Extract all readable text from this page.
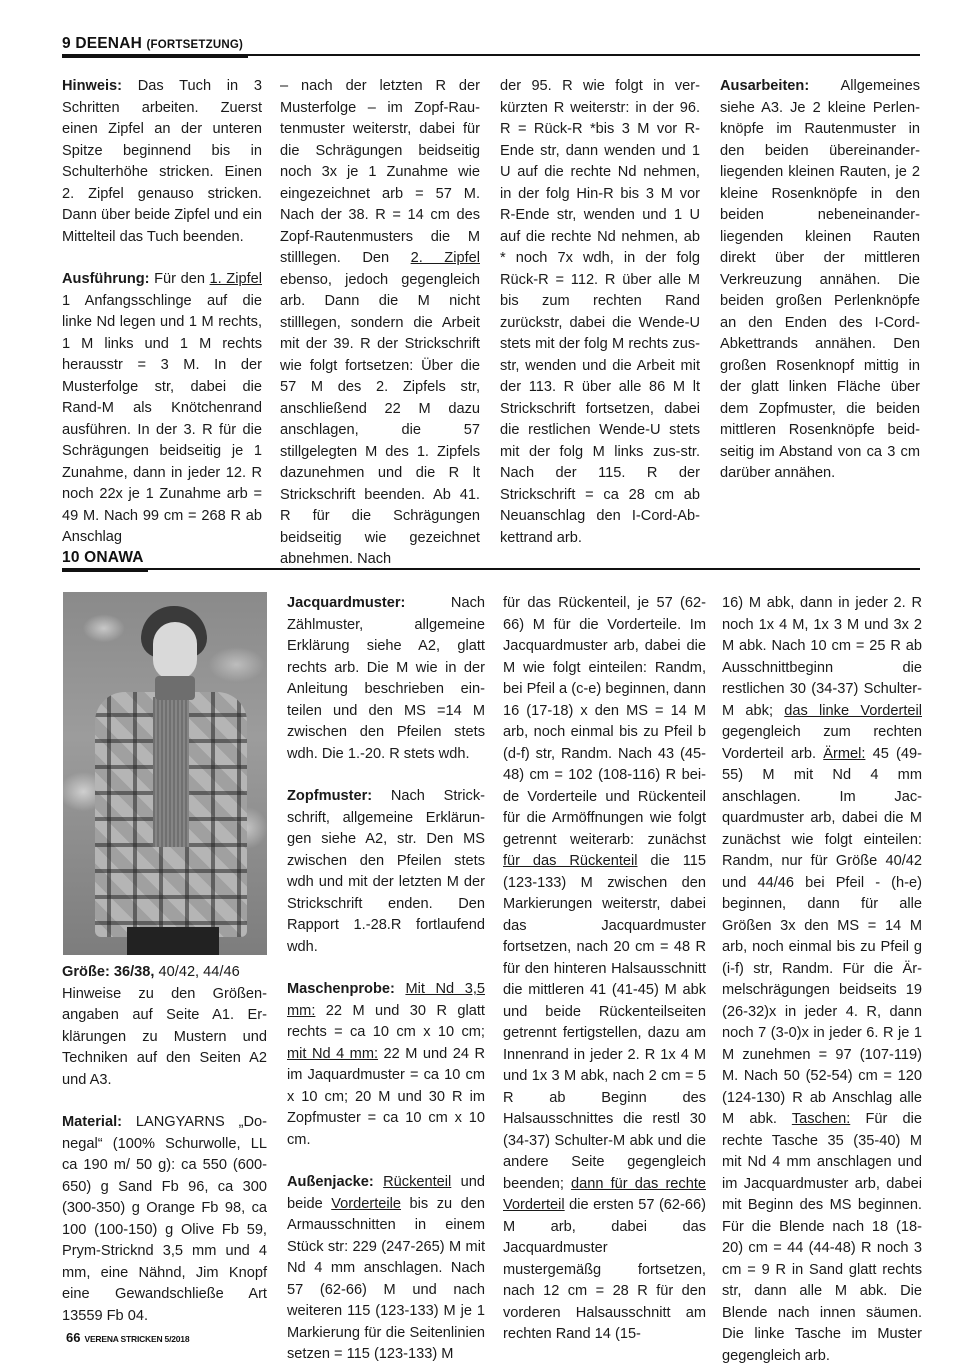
9 DEENAH (FORTSETZUNG)

Hinweis: Das Tuch in 3 Schritten arbeiten. Zuerst einen Zipfel an der unteren Spitze beginnend bis in Schulterhöhe stricken. Einen 2. Zipfel genauso stricken. Dann über beide Zipfel und ein Mittelteil das Tuch beenden.

Ausführung: Für den 1. Zipfel 1 Anfangsschlinge auf die linke Nd legen und 1 M rechts, 1 M links und 1 M rechts herausstr = 3 M. In der Musterfolge str, dabei die Rand-M als Knötchenrand ausführen. In der 3. R für die Schrägungen beidseitig je 1 Zunahme, dann in jeder 12. R noch 22x je 1 Zunahme arb = 49 M. Nach 99 cm = 268 R ab Anschlag

– nach der letzten R der Musterfolge – im Zopf-Rautenmuster weiterstr, dabei für die Schrägungen beidseitig noch 3x je 1 Zunahme wie eingezeichnet arb = 57 M. Nach der 38. R = 14 cm des Zopf-Rautenmusters die M stilllegen. Den 2. Zipfel ebenso, jedoch gegengleich arb. Dann die M nicht stilllegen, sondern die Arbeit mit der 39. R der Strickschrift wie folgt fortsetzen: Über die 57 M des 2. Zipfels str, anschließend 22 M dazu anschlagen, die 57 stillgelegten M des 1. Zipfels dazunehmen und die R lt Strickschrift beenden. Ab 41. R für die Schrägungen beidseitig wie gezeichnet abnehmen. Nach

der 95. R wie folgt in verkürzten R weiterstr: in der 96. R = Rück-R *bis 3 M vor R-Ende str, dann wenden und 1 U auf die rechte Nd nehmen, in der folg Hin-R bis 3 M vor R-Ende str, wenden und 1 U auf die rechte Nd nehmen, ab * noch 7x wdh, in der folg Rück-R = 112. R über alle M bis zum rechten Rand zurückstr, dabei die Wende-U stets mit der folg M rechts zus-str, wenden und die Arbeit mit der 113. R über alle 86 M lt Strickschrift fortsetzen, dabei die restlichen Wende-U stets mit der folg M links zus-str. Nach der 115. R der Strickschrift = ca 28 cm ab Neuanschlag den I-Cord-Abkettrand arb.

Ausarbeiten: Allgemeines siehe A3. Je 2 kleine Perlenknöpfe im Rautenmuster in den beiden übereinanderliegenden kleinen Rauten, je 2 kleine Rosenknöpfe in den beiden nebeneinanderliegenden kleinen Rauten direkt über der mittleren Verkreuzung annähen. Die beiden großen Perlenknöpfe an den Enden des I-Cord-Abkettrands annähen. Den großen Rosenknopf mittig in der glatt linken Fläche über dem Zopfmuster, die beiden mittleren Rosenknöpfe beidseitig im Abstand von ca 3 cm darüber annähen.

10 ONAWA

Größe: 36/38, 40/42, 44/46

Hinweise zu den Größenangaben auf Seite A1. Erklärungen zu Mustern und Techniken auf den Seiten A2 und A3.

Material: LANGYARNS „Donegal“ (100% Schurwolle, LL ca 190 m/ 50 g): ca 550 (600-650) g Sand Fb 96, ca 300 (300-350) g Orange Fb 98, ca 100 (100-150) g Olive Fb 59, Prym-Stricknd 3,5 mm und 4 mm, eine Nähnd, Jim Knopf eine Gewandschließe Art 13559 Fb 04.

Jacquardmuster: Nach Zählmuster, allgemeine Erklärung siehe A2, glatt rechts arb. Die M wie in der Anleitung beschrieben einteilen und den MS =14 M zwischen den Pfeilen stets wdh. Die 1.-20. R stets wdh.

Zopfmuster: Nach Strickschrift, allgemeine Erklärungen siehe A2, str. Den MS zwischen den Pfeilen stets wdh und mit der letzten M der Strickschrift enden. Den Rapport 1.-28.R fortlaufend wdh.

Maschenprobe: Mit Nd 3,5 mm: 22 M und 30 R glatt rechts = ca 10 cm x 10 cm; mit Nd 4 mm: 22 M und 24 R im Jaquardmuster = ca 10 cm x 10 cm; 20 M und 30 R im Zopfmuster = ca 10 cm x 10 cm.

Außenjacke: Rückenteil und beide Vorderteile bis zu den Armausschnitten in einem Stück str: 229 (247-265) M mit Nd 4 mm anschlagen. Nach 57 (62-66) M und nach weiteren 115 (123-133) M je 1 Markierung für die Seitenlinien setzen = 115 (123-133) M

für das Rückenteil, je 57 (62-66) M für die Vorderteile. Im Jacquardmuster arb, dabei die M wie folgt einteilen: Randm, bei Pfeil a (c-e) beginnen, dann 16 (17-18) x den MS = 14 M arb, noch einmal bis zu Pfeil b (d-f) str, Randm. Nach 43 (45-48) cm = 102 (108-116) R beide Vorderteile und Rückenteil für die Armöffnungen wie folgt getrennt weiterarb: zunächst für das Rückenteil die 115 (123-133) M zwischen den Markierungen weiterstr, dabei das Jacquardmuster fortsetzen, nach 20 cm = 48 R für den hinteren Halsausschnitt die mittleren 41 (41-45) M abk und beide Rückenteilseiten getrennt fertigstellen, dazu am Innenrand in jeder 2. R 1x 4 M und 1x 3 M abk, nach 2 cm = 5 R ab Beginn des Halsausschnittes die restl 30 (34-37) Schulter-M abk und die andere Seite gegengleich beenden; dann für das rechte Vorderteil die ersten 57 (62-66) M arb, dabei das Jacquardmuster mustergemäßg fortsetzen, nach 12 cm = 28 R für den vorderen Halsausschnitt am rechten Rand 14 (15-

16) M abk, dann in jeder 2. R noch 1x 4 M, 1x 3 M und 3x 2 M abk. Nach 10 cm = 25 R ab Ausschnittbeginn die restlichen 30 (34-37) Schulter-M abk; das linke Vorderteil gegengleich zum rechten Vorderteil arb. Ärmel: 45 (49-55) M mit Nd 4 mm anschlagen. Im Jacquardmuster arb, dabei die M zunächst wie folgt einteilen: Randm, nur für Größe 40/42 und 44/46 bei Pfeil - (h-e) beginnen, dann für alle Größen 3x den MS = 14 M arb, noch einmal bis zu Pfeil g (i-f) str, Randm. Für die Ärmelschrägungen beidseits 19 (26-32)x in jeder 4. R, dann noch 7 (3-0)x in jeder 6. R je 1 M zunehmen = 97 (107-119) M. Nach 50 (52-54) cm = 120 (124-130) R ab Anschlag alle M abk. Taschen: Für die rechte Tasche 35 (35-40) M mit Nd 4 mm anschlagen und im Jacquardmuster arb, dabei mit Beginn des MS beginnen. Für die Blende nach 18 (18-20) cm = 44 (44-48) R noch 3 cm = 9 R in Sand glatt rechts str, dann alle M abk. Die Blende nach innen säumen. Die linke Tasche im Muster gegengleich arb.

66 VERENA STRICKEN 5/2018
